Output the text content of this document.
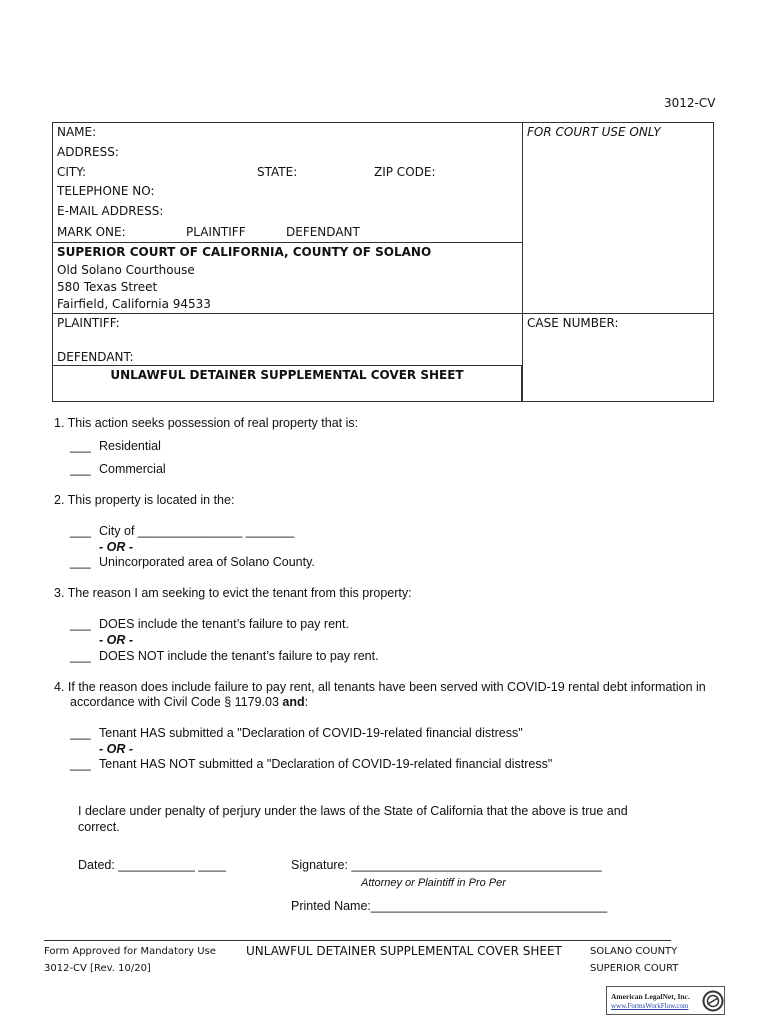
3012-CV
NAME:
ADDRESS:
CITY:	STATE:	ZIP CODE:
TELEPHONE NO:
E-MAIL ADDRESS:
MARK ONE:	PLAINTIFF	DEFENDANT
FOR COURT USE ONLY
SUPERIOR COURT OF CALIFORNIA, COUNTY OF SOLANO
Old Solano Courthouse
580 Texas Street
Fairfield, California 94533
PLAINTIFF:
DEFENDANT:
CASE NUMBER:
UNLAWFUL DETAINER SUPPLEMENTAL COVER SHEET
1. This action seeks possession of real property that is:
___ Residential
___ Commercial
2. This property is located in the:
___ City of _______________ _______
- OR -
___ Unincorporated area of Solano County.
3. The reason I am seeking to evict the tenant from this property:
___ DOES include the tenant’s failure to pay rent.
- OR -
___ DOES NOT include the tenant’s failure to pay rent.
4. If the reason does include failure to pay rent, all tenants have been served with COVID-19 rental debt information in
accordance with Civil Code § 1179.03 and:
___ Tenant HAS submitted a "Declaration of COVID-19-related financial distress"
- OR -
___ Tenant HAS NOT submitted a "Declaration of COVID-19-related financial distress"
I declare under penalty of perjury under the laws of the State of California that the above is true and
correct.
Dated: ___________ ____	Signature: ____________________________________
Attorney or Plaintiff in Pro Per
Printed Name:__________________________________
Form Approved for Mandatory Use
3012-CV [Rev. 10/20]
UNLAWFUL DETAINER SUPPLEMENTAL COVER SHEET	SOLANO COUNTY
SUPERIOR COURT
American LegalNet, Inc.
www.FormsWorkFlow.com
